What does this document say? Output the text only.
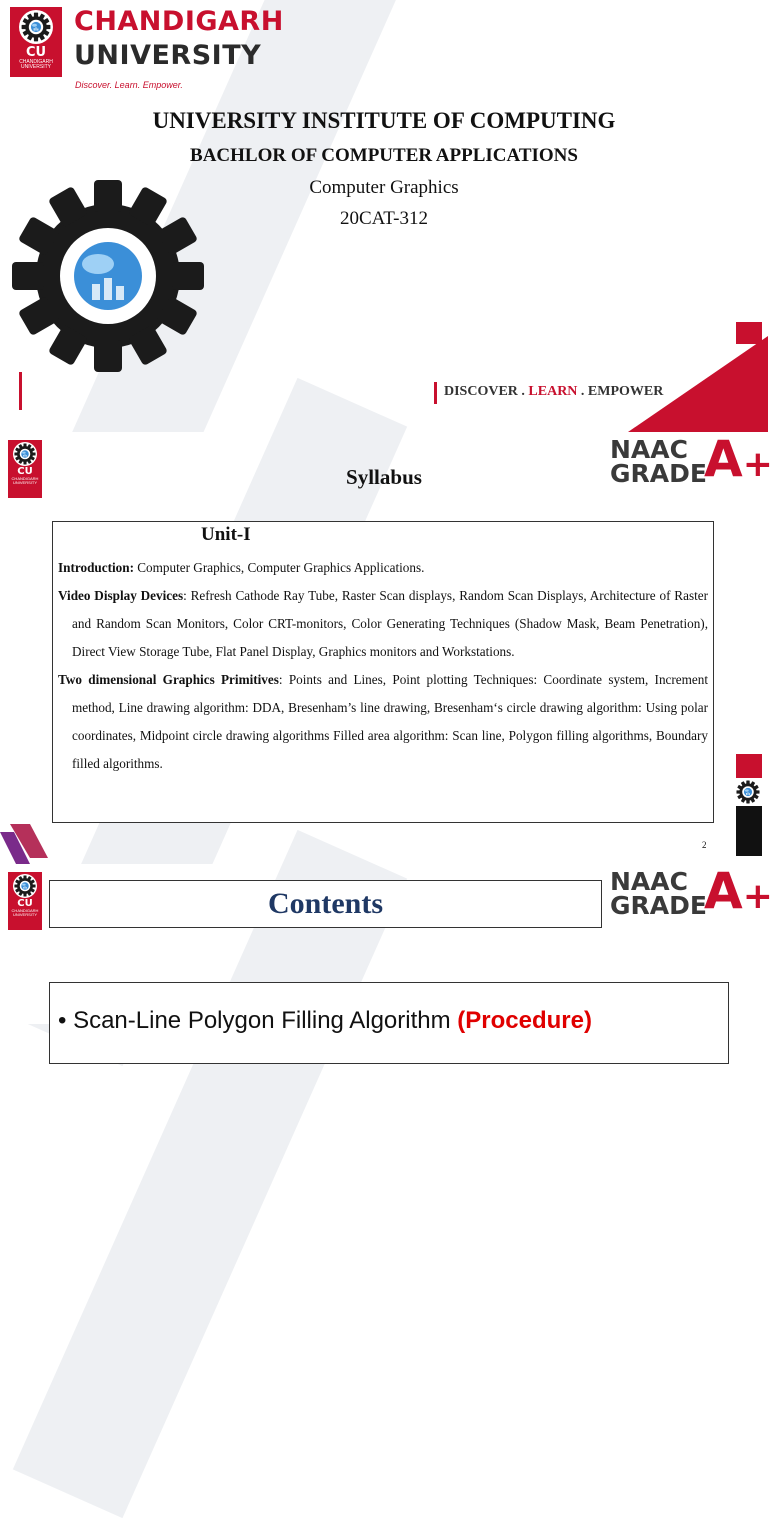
CU
CHANDIGARH
UNIVERSITY
CHANDIGARH
UNIVERSITY
Discover. Learn. Empower.
UNIVERSITY INSTITUTE OF COMPUTING
BACHLOR OF COMPUTER APPLICATIONS
Computer Graphics
20CAT-312
DISCOVER . LEARN . EMPOWER
CU
CHANDIGARH
UNIVERSITY
NAAC
GRADE
A+
Syllabus
Unit-I

Introduction: Computer Graphics, Computer Graphics Applications.

Video Display Devices: Refresh Cathode Ray Tube, Raster Scan displays, Random Scan Displays, Architecture of Raster and Random Scan Monitors, Color CRT-monitors, Color Generating Techniques (Shadow Mask, Beam Penetration), Direct View Storage Tube, Flat Panel Display, Graphics monitors and Workstations.

Two dimensional Graphics Primitives: Points and Lines, Point plotting Techniques: Coordinate system, Increment method, Line drawing algorithm: DDA, Bresenham’s line drawing, Bresenham‘s circle drawing algorithm: Using polar coordinates, Midpoint circle drawing algorithms Filled area algorithm: Scan line, Polygon filling algorithms, Boundary filled algorithms.

2
CU
CHANDIGARH
UNIVERSITY	Contents
NAAC
GRADE
A+
• Scan-Line Polygon Filling Algorithm (Procedure)
